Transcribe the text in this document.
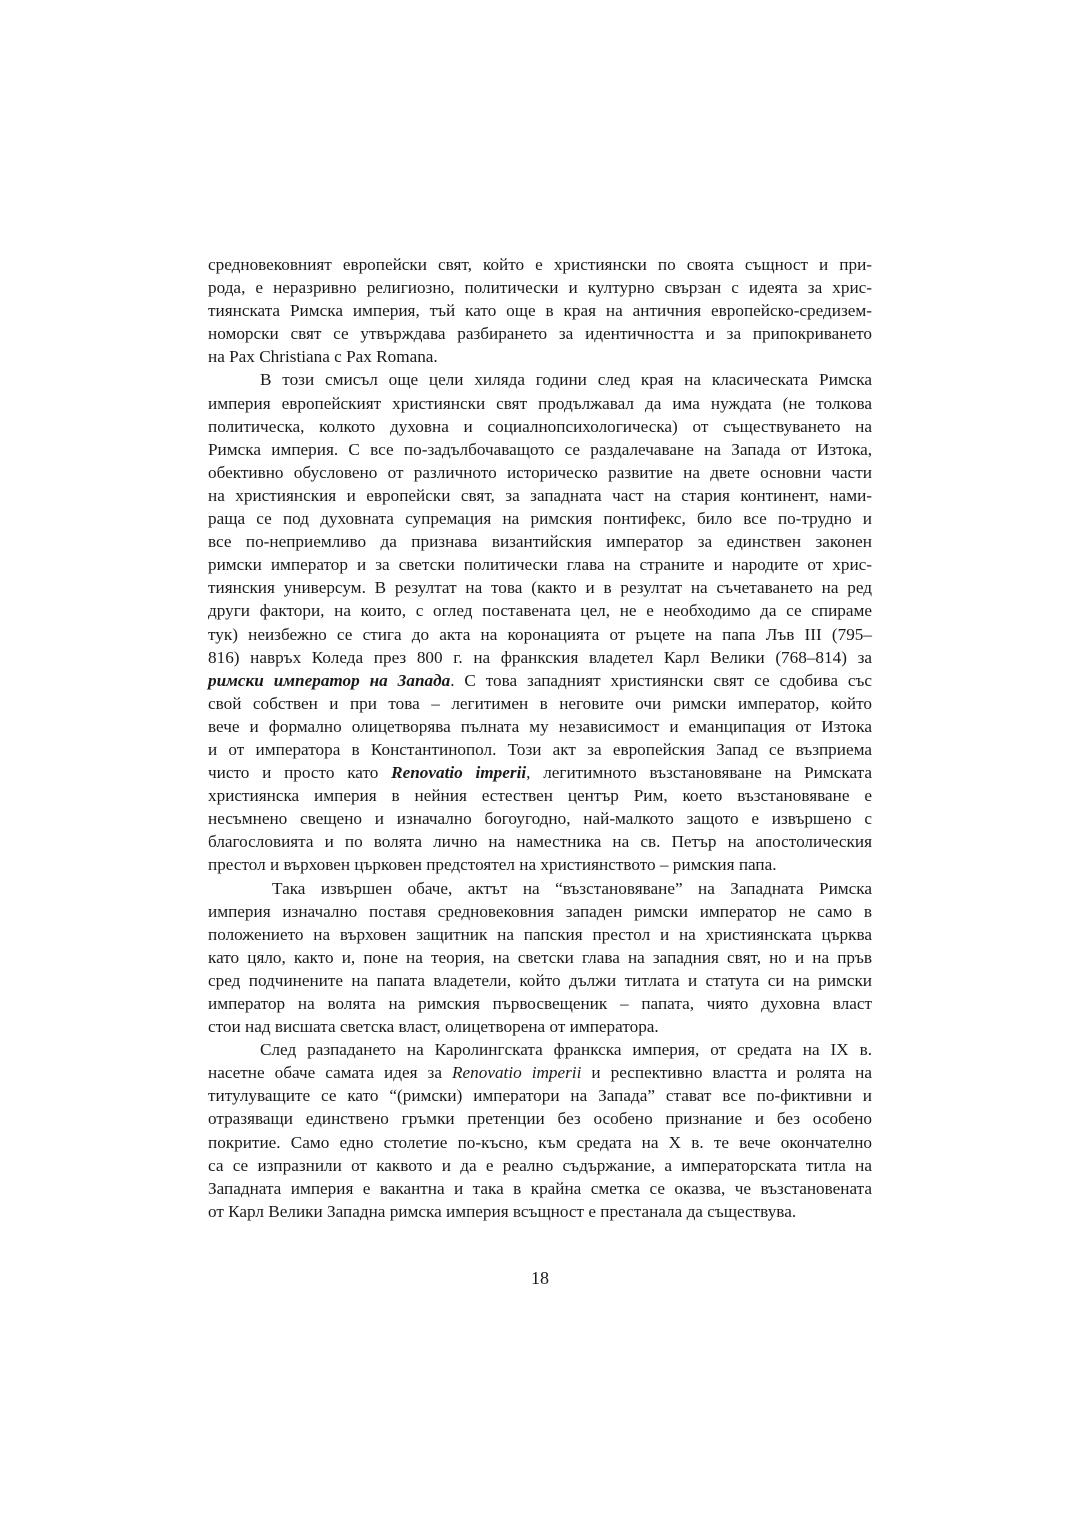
средновековният европейски свят, който е християнски по своята същност и при-
рода, е неразривно религиозно, политически и културно свързан с идеята за хрис-
тиянската Римска империя, тъй като още в края на античния европейско-средизем-
номорски свят се утвърждава разбирането за идентичността и за припокриването
на Pax Christiana с Pax Romana.
В този смисъл още цели хиляда години след края на класическата Римска
империя европейският християнски свят продължавал да има нуждата (не толкова
политическа, колкото духовна и социалнопсихологическа) от съществуването на
Римска империя. С все по-задълбочаващото се раздалечаване на Запада от Изтока,
обективно обусловено от различното историческо развитие на двете основни части
на християнския и европейски свят, за западната част на стария континент, нами-
раща се под духовната супремация на римския понтифекс, било все по-трудно и
все по-неприемливо да признава византийския император за единствен законен
римски император и за светски политически глава на страните и народите от хрис-
тиянския универсум. В резултат на това (както и в резултат на съчетаването на ред
други фактори, на които, с оглед поставената цел, не е необходимо да се спираме
тук) неизбежно се стига до акта на коронацията от ръцете на папа Лъв III (795–
816) навръх Коледа през 800 г. на франкския владетел Карл Велики (768–814) за
римски император на Запада. С това западният християнски свят се сдобива със
свой собствен и при това – легитимен в неговите очи римски император, който
вече и формално олицетворява пълната му независимост и еманципация от Изтока
и от императора в Константинопол. Този акт за европейския Запад се възприема
чисто и просто като Renovatio imperii, легитимното възстановяване на Римската
християнска империя в нейния естествен център Рим, което възстановяване е
несъмнено свещено и изначално богоугодно, най-малкото защото е извършено с
благословията и по волята лично на наместника на св. Петър на апостолическия
престол и върховен църковен предстоятел на християнството – римския папа.
Така извършен обаче, актът на “възстановяване” на Западната Римска
империя изначално поставя средновековния западен римски император не само в
положението на върховен защитник на папския престол и на християнската църква
като цяло, както и, поне на теория, на светски глава на западния свят, но и на пръв
сред подчинените на папата владетели, който дължи титлата и статута си на римски
император на волята на римския първосвещеник – папата, чиято духовна власт
стои над висшата светска власт, олицетворена от императора.
След разпадането на Каролингската франкска империя, от средата на IX в.
насетне обаче самата идея за Renovatio imperii и респективно властта и ролята на
титулуващите се като “(римски) императори на Запада” стават все по-фиктивни и
отразяващи единствено гръмки претенции без особено признание и без особено
покритие. Само едно столетие по-късно, към средата на X в. те вече окончателно
са се изпразнили от каквото и да е реално съдържание, а императорската титла на
Западната империя е вакантна и така в крайна сметка се оказва, че възстановената
от Карл Велики Западна римска империя всъщност е престанала да съществува.
18
